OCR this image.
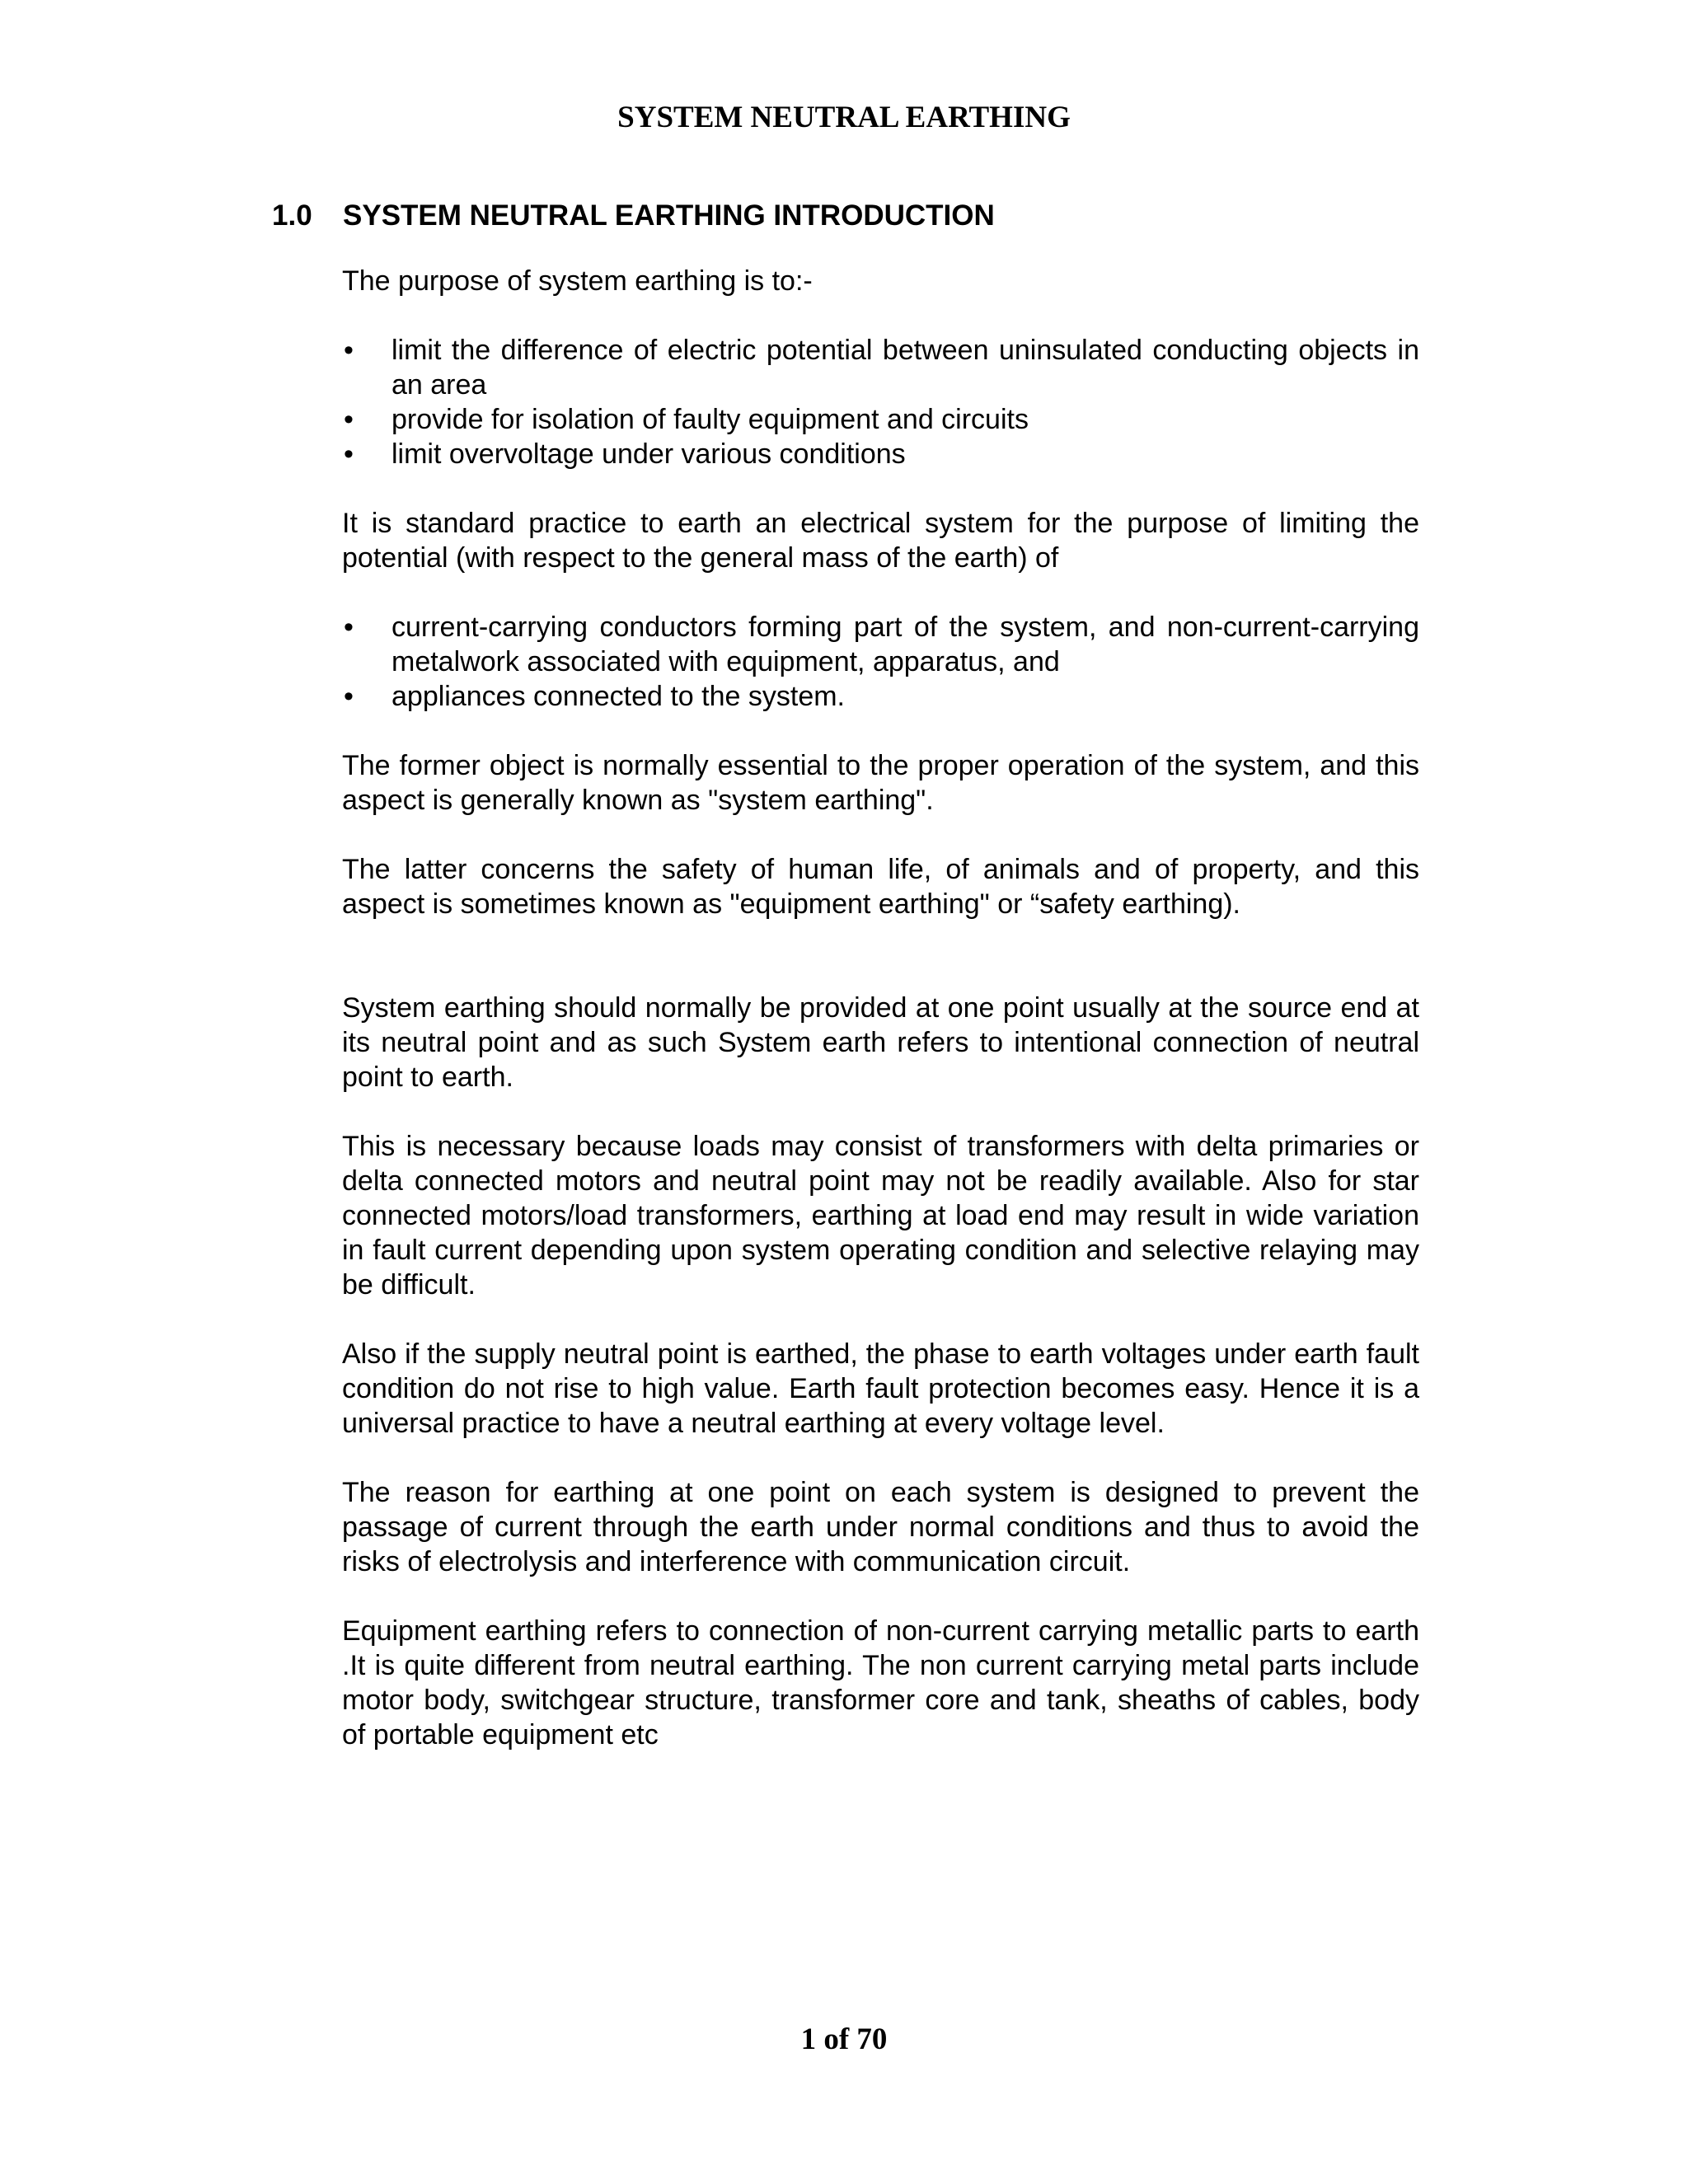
SYSTEM NEUTRAL EARTHING
1.0 SYSTEM NEUTRAL EARTHING INTRODUCTION

The purpose of system earthing is to:-

• limit the difference of electric potential between uninsulated conducting objects in an area
• provide for isolation of faulty equipment and circuits
• limit overvoltage under various conditions

It is standard practice to earth an electrical system for the purpose of limiting the potential (with respect to the general mass of the earth) of

• current-carrying conductors forming part of the system, and non-current-carrying metalwork associated with equipment, apparatus, and
• appliances connected to the system.

The former object is normally essential to the proper operation of the system, and this aspect is generally known as "system earthing".

The latter concerns the safety of human life, of animals and of property, and this aspect is sometimes known as "equipment earthing" or “safety earthing).

System earthing should normally be provided at one point usually at the source end at its neutral point and as such System earth refers to intentional connection of neutral point to earth.

This is necessary because loads may consist of transformers with delta primaries or delta connected motors and neutral point may not be readily available. Also for star connected motors/load transformers, earthing at load end may result in wide variation in fault current depending upon system operating condition and selective relaying may be difficult.

Also if the supply neutral point is earthed, the phase to earth voltages under earth fault condition do not rise to high value. Earth fault protection becomes easy. Hence it is a universal practice to have a neutral earthing at every voltage level.

The reason for earthing at one point on each system is designed to prevent the passage of current through the earth under normal conditions and thus to avoid the risks of electrolysis and interference with communication circuit.

Equipment earthing refers to connection of non-current carrying metallic parts to earth .It is quite different from neutral earthing. The non current carrying metal parts include motor body, switchgear structure, transformer core and tank, sheaths of cables, body of portable equipment etc

1 of 70
